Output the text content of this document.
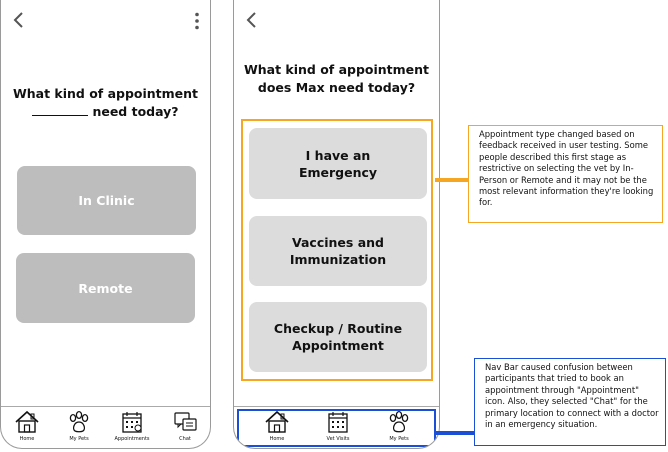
What kind of appointment
need today?
In Clinic
Remote
Home	My Pets	Appointments	Chat
What kind of appointment
does Max need today?
I have an
Emergency
Vaccines and
Immunization
Checkup / Routine
Appointment
Home	Vet Visits	My Pets
Appointment type changed based on feedback received in user testing. Some people described this first stage as restrictive on selecting the vet by In-Person or Remote and it may not be the most relevant information they're looking for.
Nav Bar caused confusion between participants that tried to book an appointment through "Appointment" icon. Also, they selected "Chat" for the primary location to connect with a doctor in an emergency situation.
